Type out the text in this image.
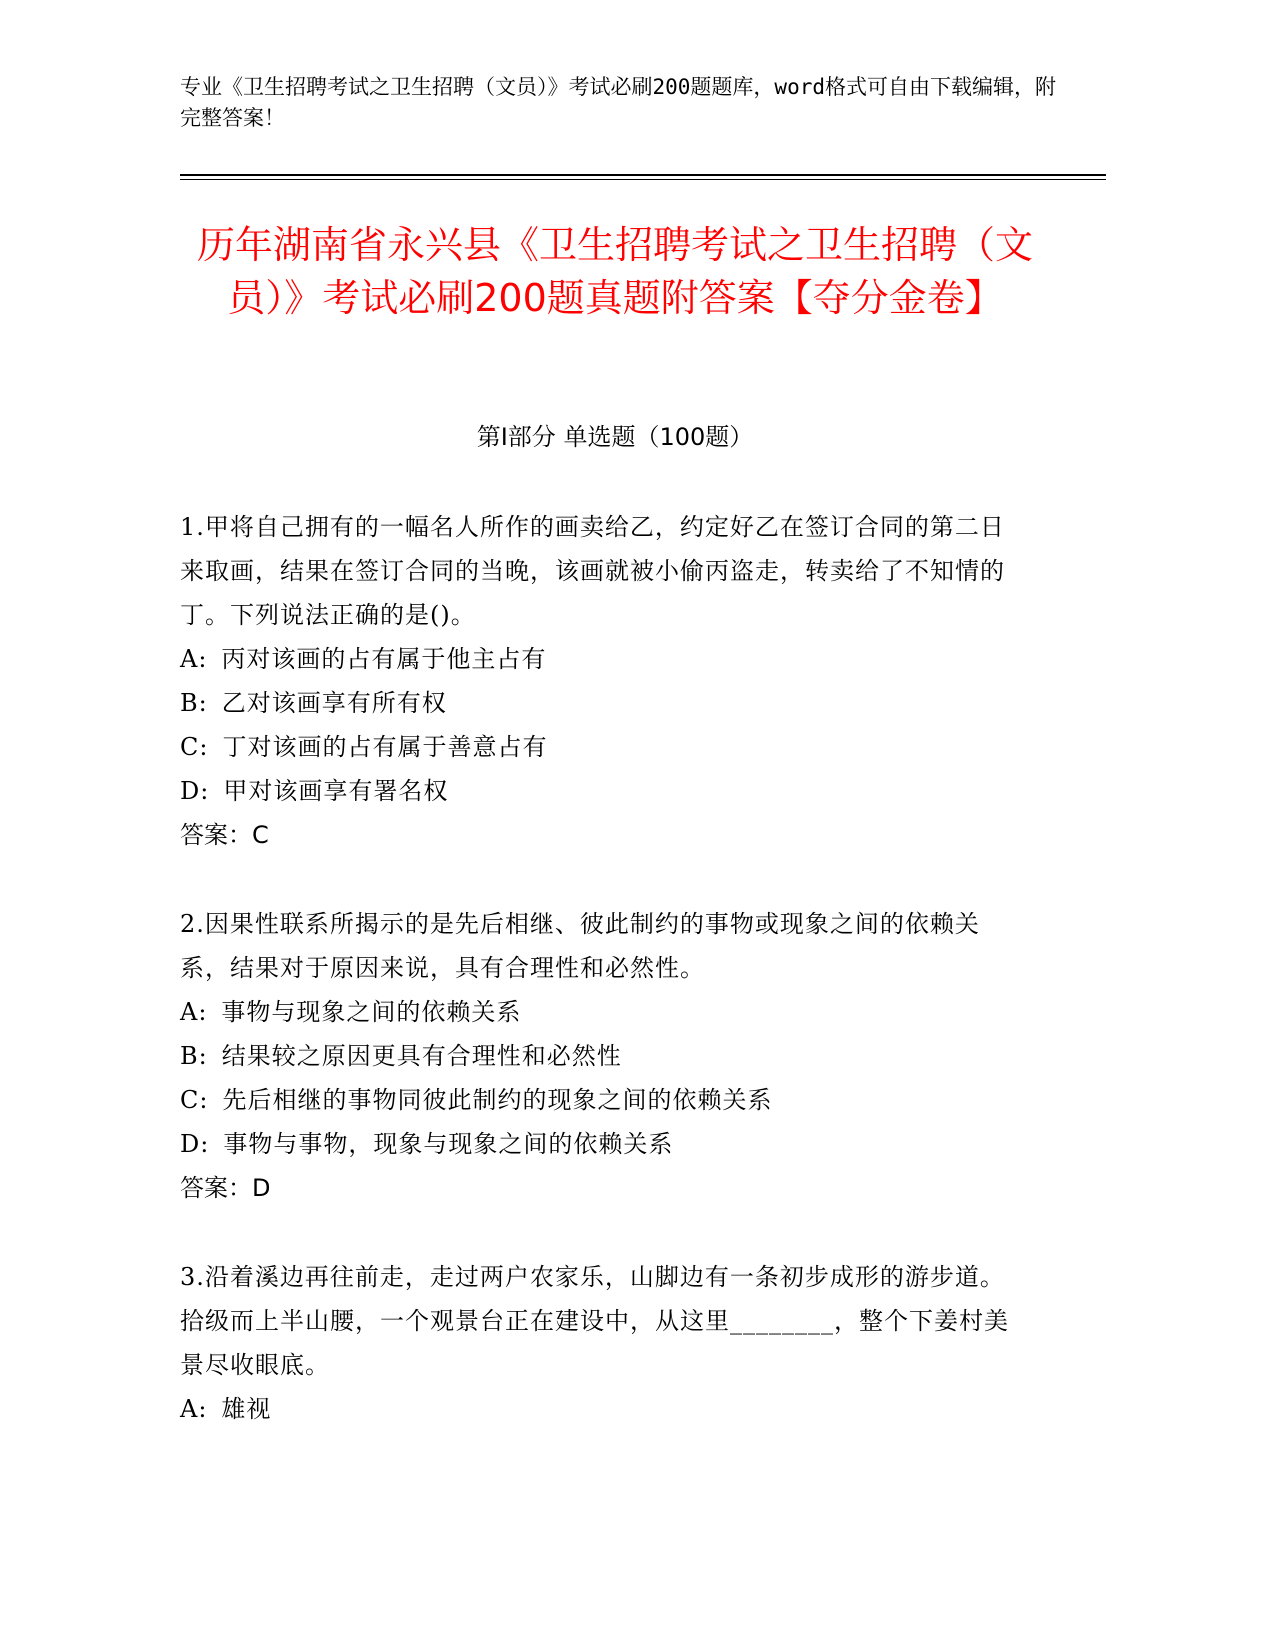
专业《卫生招聘考试之卫生招聘（文员）》考试必刷200题题库，word格式可自由下载编辑，附完整答案！
历年湖南省永兴县《卫生招聘考试之卫生招聘（文员）》考试必刷200题真题附答案【夺分金卷】
第Ⅰ部分 单选题（100题）
1.甲将自己拥有的一幅名人所作的画卖给乙，约定好乙在签订合同的第二日来取画，结果在签订合同的当晚，该画就被小偷丙盗走，转卖给了不知情的丁。下列说法正确的是()。
A: 丙对该画的占有属于他主占有
B: 乙对该画享有所有权
C: 丁对该画的占有属于善意占有
D: 甲对该画享有署名权
答案：C
2.因果性联系所揭示的是先后相继、彼此制约的事物或现象之间的依赖关系，结果对于原因来说，具有合理性和必然性。
A: 事物与现象之间的依赖关系
B: 结果较之原因更具有合理性和必然性
C: 先后相继的事物同彼此制约的现象之间的依赖关系
D: 事物与事物，现象与现象之间的依赖关系
答案：D
3.沿着溪边再往前走，走过两户农家乐，山脚边有一条初步成形的游步道。拾级而上半山腰，一个观景台正在建设中，从这里________，整个下姜村美景尽收眼底。
A: 雄视
